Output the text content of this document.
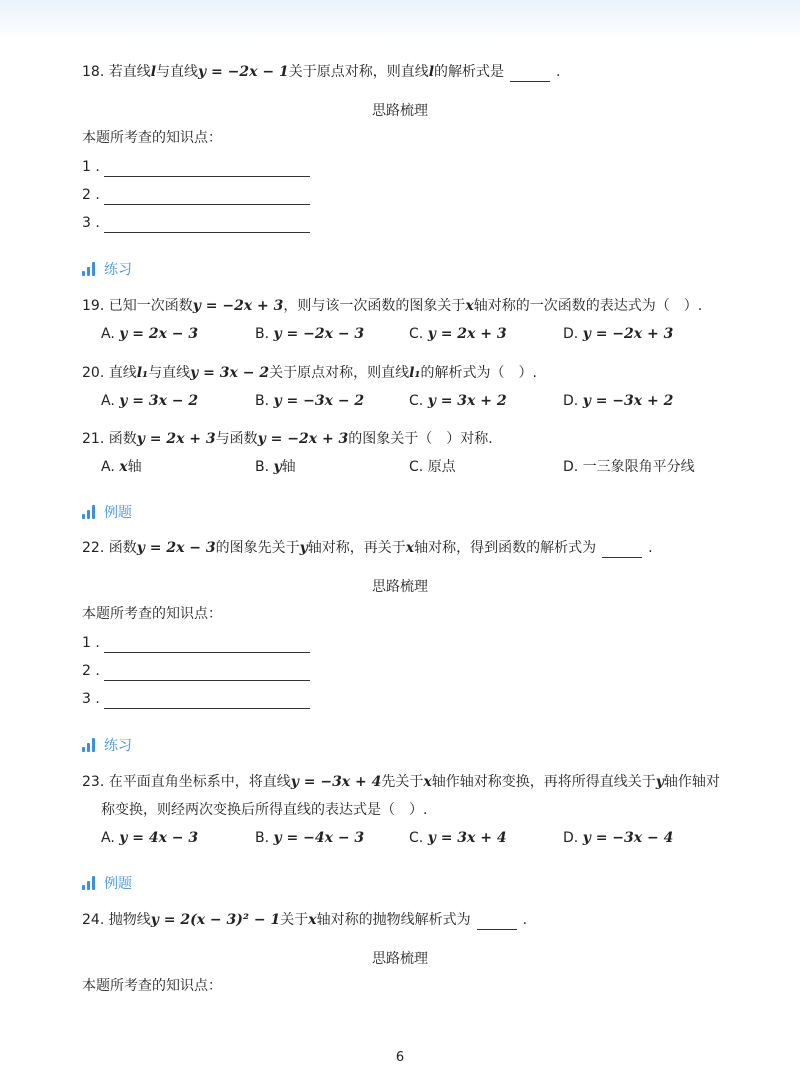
18. 若直线l与直线y = −2x − 1关于原点对称，则直线l的解析式是	.
思路梳理
本题所考查的知识点：
1 .
2 .
3 .
练习
19. 已知一次函数y = −2x + 3，则与该一次函数的图象关于x轴对称的一次函数的表达式为（　）.
A. y = 2x − 3	B. y = −2x − 3	C. y = 2x + 3	D. y = −2x + 3
20. 直线l₁与直线y = 3x − 2关于原点对称，则直线l₁的解析式为（　）.
A. y = 3x − 2	B. y = −3x − 2	C. y = 3x + 2	D. y = −3x + 2
21. 函数y = 2x + 3与函数y = −2x + 3的图象关于（　）对称.
A. x轴	B. y轴	C. 原点	D. 一三象限角平分线
例题
22. 函数y = 2x − 3的图象先关于y轴对称，再关于x轴对称，得到函数的解析式为	.
思路梳理
本题所考查的知识点：
1 .
2 .
3 .
练习
23. 在平面直角坐标系中，将直线y = −3x + 4先关于x轴作轴对称变换，再将所得直线关于y轴作轴对
称变换，则经两次变换后所得直线的表达式是（　）.
A. y = 4x − 3	B. y = −4x − 3	C. y = 3x + 4	D. y = −3x − 4
例题
24. 抛物线y = 2(x − 3)² − 1关于x轴对称的抛物线解析式为	.
思路梳理
本题所考查的知识点：
6
